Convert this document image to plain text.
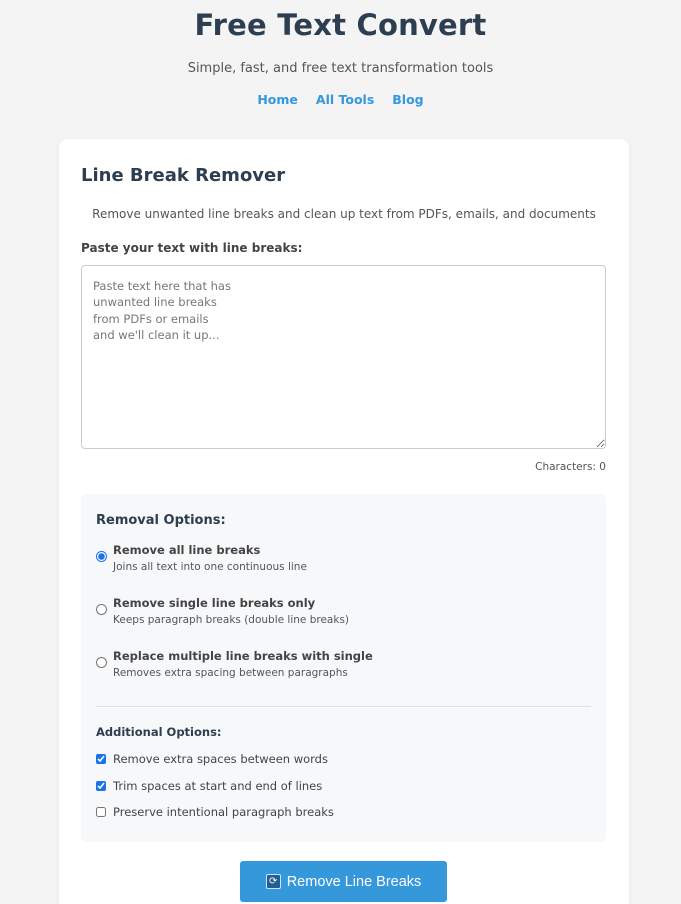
Free Text Convert

Simple, fast, and free text transformation tools

Home All Tools Blog
Line Break Remover

Remove unwanted line breaks and clean up text from PDFs, emails, and documents

Paste your text with line breaks:
Paste text here that has unwanted line breaks from PDFs or emails and we'll clean it up...
Characters: 0
Removal Options:
Remove all line breaks
Joins all text into one continuous line
Remove single line breaks only
Keeps paragraph breaks (double line breaks)
Replace multiple line breaks with single
Removes extra spacing between paragraphs
Additional Options:
Remove extra spaces between words
Trim spaces at start and end of lines
Preserve intentional paragraph breaks
⟳ Remove Line Breaks
